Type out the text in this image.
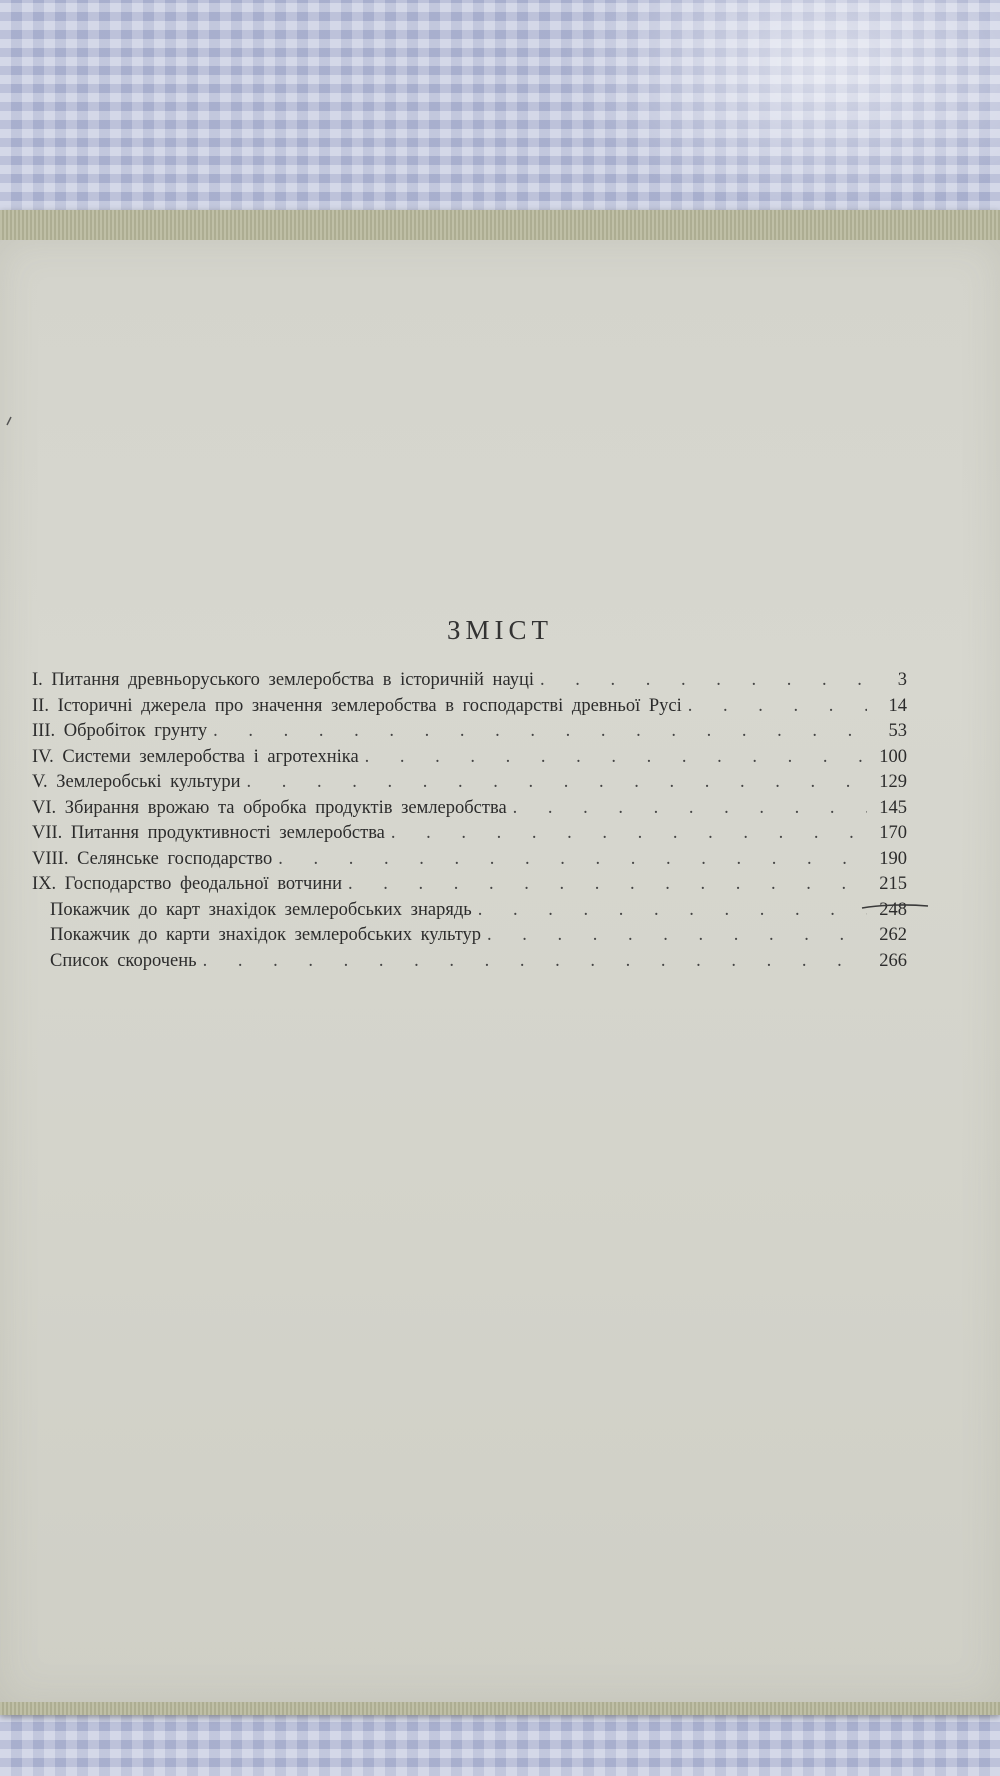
ЗМІСТ
I. Питання древньоруського землеробства в історичній науці . . .	3
II. Історичні джерела про значення землеробства в господарстві древньої Русі . . .	14
III. Обробіток грунту . . .	53
IV. Системи землеробства і агротехніка . . .	100
V. Землеробські культури . . .	129
VI. Збирання врожаю та обробка продуктів землеробства . . .	145
VII. Питання продуктивності землеробства . . .	170
VIII. Селянське господарство . . .	190
IX. Господарство феодальної вотчини . . .	215
Покажчик до карт знахідок землеробських знарядь . . .	248
Покажчик до карти знахідок землеробських культур . . .	262
Список скорочень . . .	266
